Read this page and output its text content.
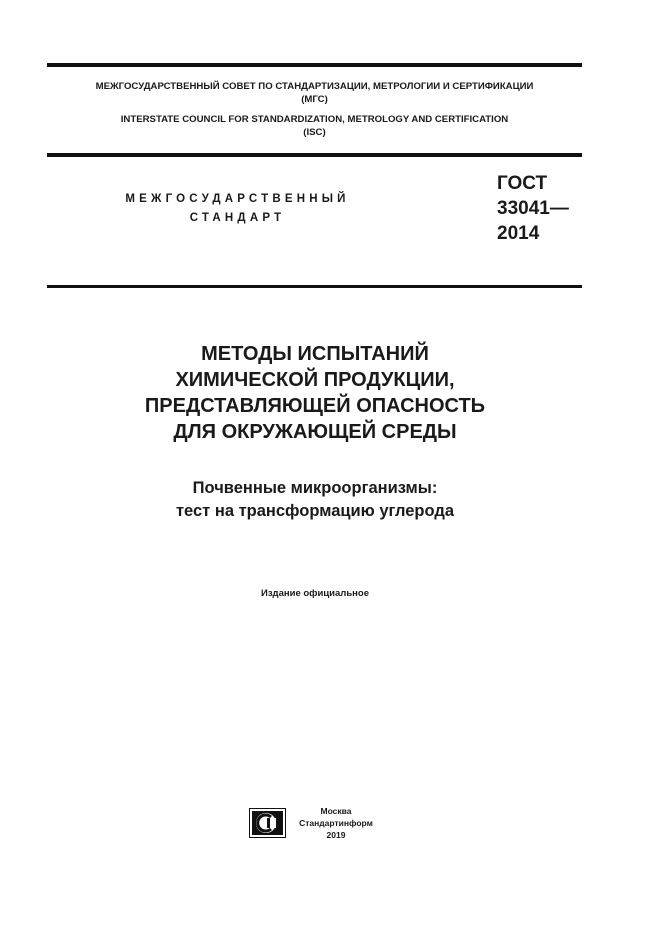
МЕЖГОСУДАРСТВЕННЫЙ СОВЕТ ПО СТАНДАРТИЗАЦИИ, МЕТРОЛОГИИ И СЕРТИФИКАЦИИ
(МГС)
INTERSTATE COUNCIL FOR STANDARDIZATION, METROLOGY AND CERTIFICATION
(ISC)
МЕЖГОСУДАРСТВЕННЫЙ
СТАНДАРТ
ГОСТ
33041—
2014
МЕТОДЫ ИСПЫТАНИЙ
ХИМИЧЕСКОЙ ПРОДУКЦИИ,
ПРЕДСТАВЛЯЮЩЕЙ ОПАСНОСТЬ
ДЛЯ ОКРУЖАЮЩЕЙ СРЕДЫ
Почвенные микроорганизмы:
тест на трансформацию углерода
Издание официальное
Москва
Стандартинформ
2019
